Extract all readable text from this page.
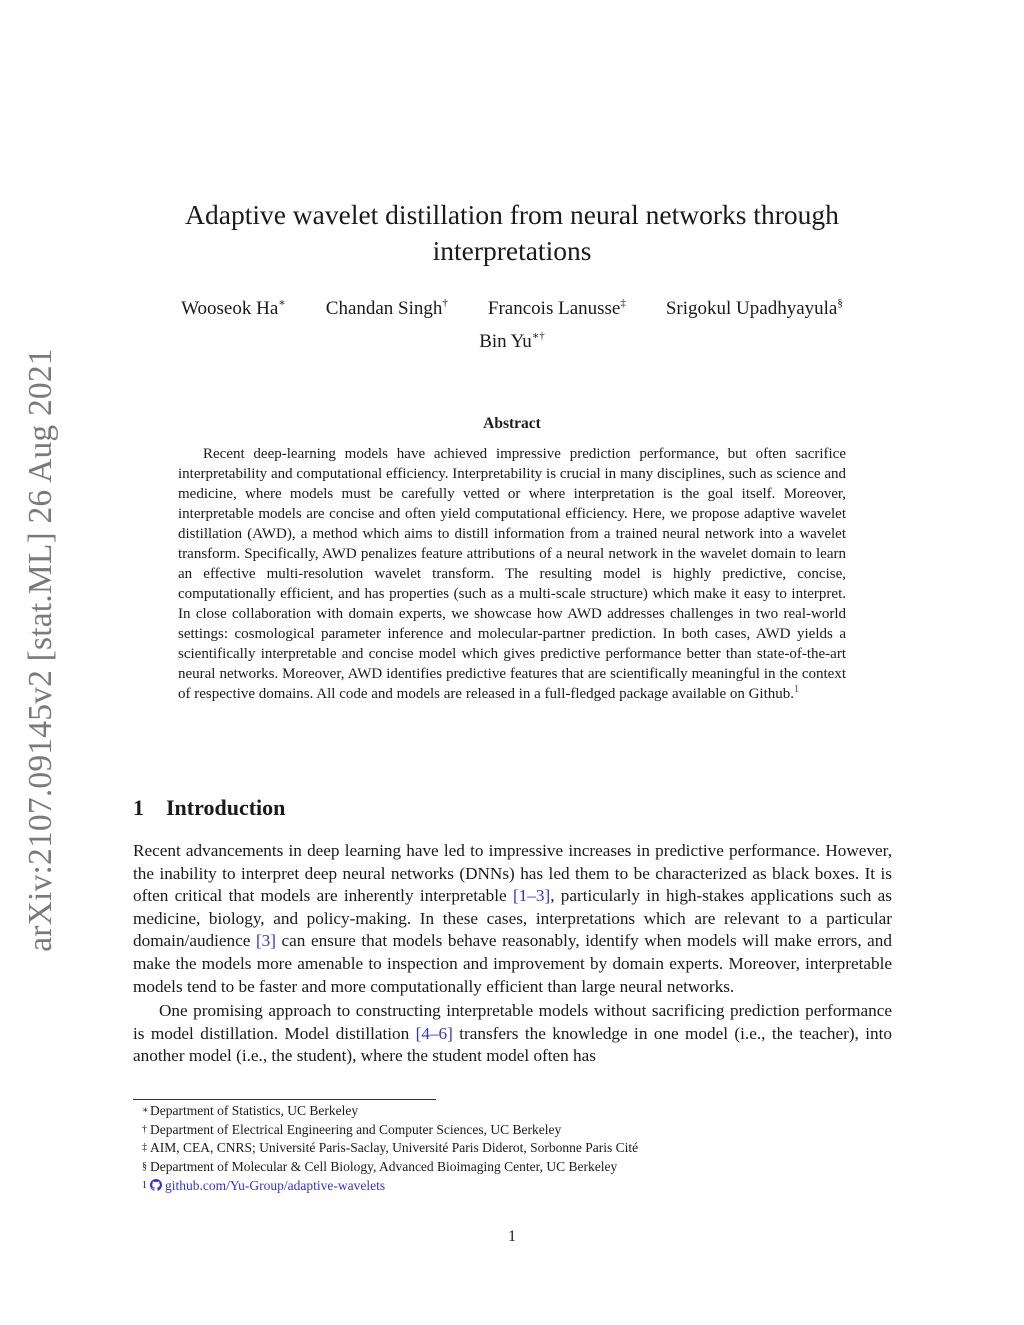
arXiv:2107.09145v2 [stat.ML] 26 Aug 2021
Adaptive wavelet distillation from neural networks through interpretations
Wooseok Ha∗ Chandan Singh† Francois Lanusse‡ Srigokul Upadhyayula§
Bin Yu∗†
Abstract

Recent deep-learning models have achieved impressive prediction performance, but often sacrifice interpretability and computational efficiency. Interpretability is crucial in many disciplines, such as science and medicine, where models must be carefully vetted or where interpretation is the goal itself. Moreover, interpretable models are concise and often yield computational efficiency. Here, we propose adaptive wavelet distillation (AWD), a method which aims to distill information from a trained neural network into a wavelet transform. Specifically, AWD penalizes feature attributions of a neural network in the wavelet domain to learn an effective multi-resolution wavelet transform. The resulting model is highly predictive, concise, computationally efficient, and has properties (such as a multi-scale structure) which make it easy to interpret. In close collaboration with domain experts, we showcase how AWD addresses challenges in two real-world settings: cosmological parameter inference and molecular-partner prediction. In both cases, AWD yields a scientifically interpretable and concise model which gives predictive performance better than state-of-the-art neural networks. Moreover, AWD identifies predictive features that are scientifically meaningful in the context of respective domains. All code and models are released in a full-fledged package available on Github.$^1$

1 Introduction

Recent advancements in deep learning have led to impressive increases in predictive performance. However, the inability to interpret deep neural networks (DNNs) has led them to be characterized as black boxes. It is often critical that models are inherently interpretable [1–3], particularly in high-stakes applications such as medicine, biology, and policy-making. In these cases, interpretations which are relevant to a particular domain/audience [3] can ensure that models behave reasonably, identify when models will make errors, and make the models more amenable to inspection and improvement by domain experts. Moreover, interpretable models tend to be faster and more computationally efficient than large neural networks.

One promising approach to constructing interpretable models without sacrificing prediction performance is model distillation. Model distillation [4–6] transfers the knowledge in one model (i.e., the teacher), into another model (i.e., the student), where the student model often has

∗ Department of Statistics, UC Berkeley
† Department of Electrical Engineering and Computer Sciences, UC Berkeley
‡ AIM, CEA, CNRS; Université Paris-Saclay, Université Paris Diderot, Sorbonne Paris Cité
§ Department of Molecular & Cell Biology, Advanced Bioimaging Center, UC Berkeley
1 github.com/Yu-Group/adaptive-wavelets
1
